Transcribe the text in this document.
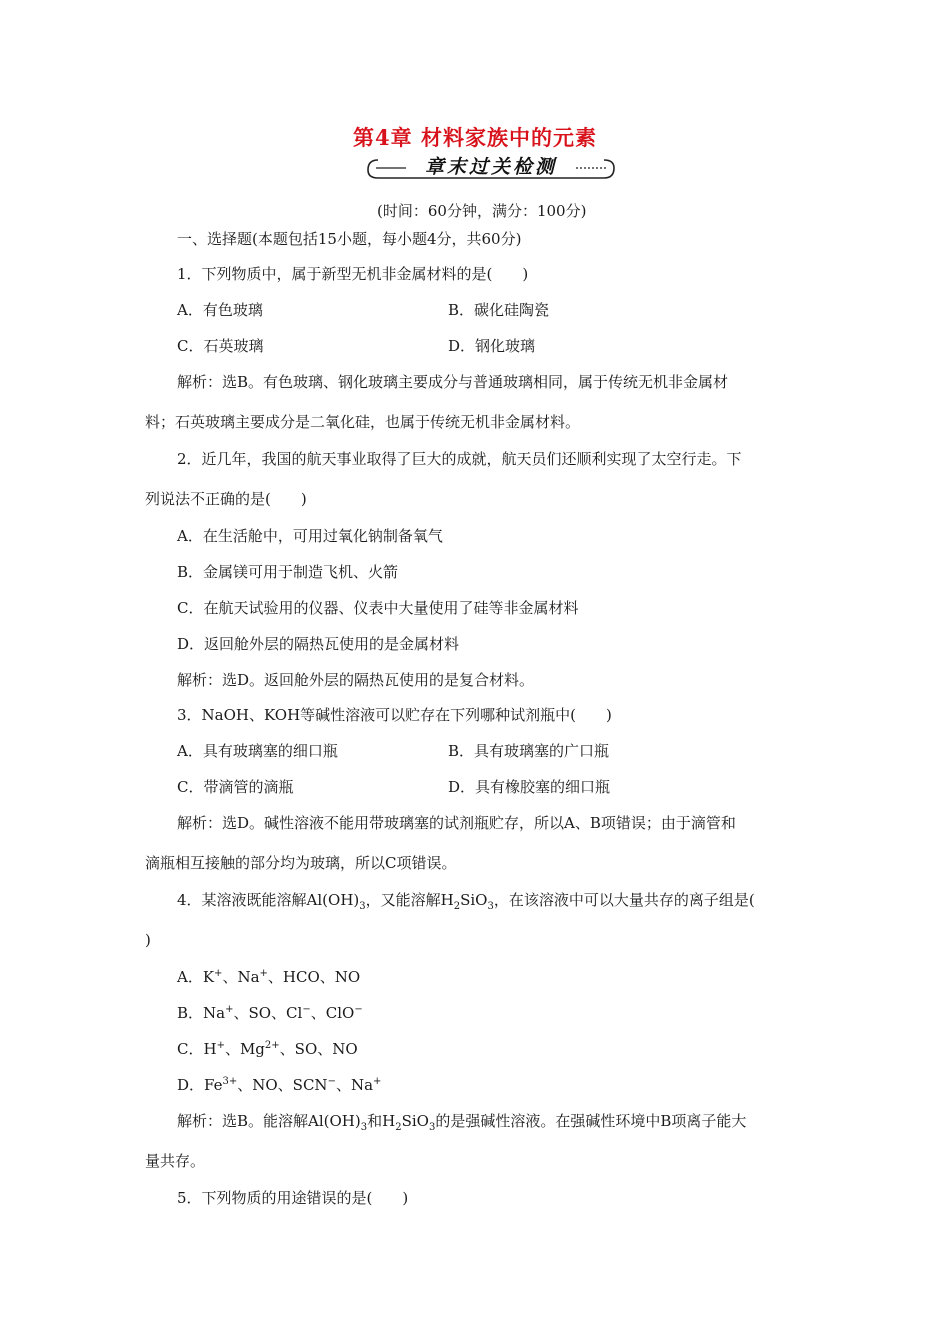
第4章 材料家族中的元素
章末过关检测
(时间：60分钟，满分：100分)
一、选择题(本题包括15小题，每小题4分，共60分)
1．下列物质中，属于新型无机非金属材料的是(　　)
A．有色玻璃	B．碳化硅陶瓷
C．石英玻璃	D．钢化玻璃
解析：选B。有色玻璃、钢化玻璃主要成分与普通玻璃相同，属于传统无机非金属材
料；石英玻璃主要成分是二氧化硅，也属于传统无机非金属材料。
2．近几年，我国的航天事业取得了巨大的成就，航天员们还顺利实现了太空行走。下
列说法不正确的是(　　)
A．在生活舱中，可用过氧化钠制备氧气
B．金属镁可用于制造飞机、火箭
C．在航天试验用的仪器、仪表中大量使用了硅等非金属材料
D．返回舱外层的隔热瓦使用的是金属材料
解析：选D。返回舱外层的隔热瓦使用的是复合材料。
3．NaOH、KOH等碱性溶液可以贮存在下列哪种试剂瓶中(　　)
A．具有玻璃塞的细口瓶	B．具有玻璃塞的广口瓶
C．带滴管的滴瓶	D．具有橡胶塞的细口瓶
解析：选D。碱性溶液不能用带玻璃塞的试剂瓶贮存，所以A、B项错误；由于滴管和
滴瓶相互接触的部分均为玻璃，所以C项错误。
4．某溶液既能溶解$Al(OH)_3$，又能溶解$H_2SiO_3$，在该溶液中可以大量共存的离子组是(
)
A．K+、Na+、HCO、NO
B．Na+、SO、Cl−、ClO−
C．H+、$Mg^{2+}$、SO、NO
D．$Fe^{3+}$、NO、SCN−、Na+
解析：选B。能溶解$Al(OH)_3$和$H_2SiO_3$的是强碱性溶液。在强碱性环境中B项离子能大
量共存。
5．下列物质的用途错误的是(　　)
